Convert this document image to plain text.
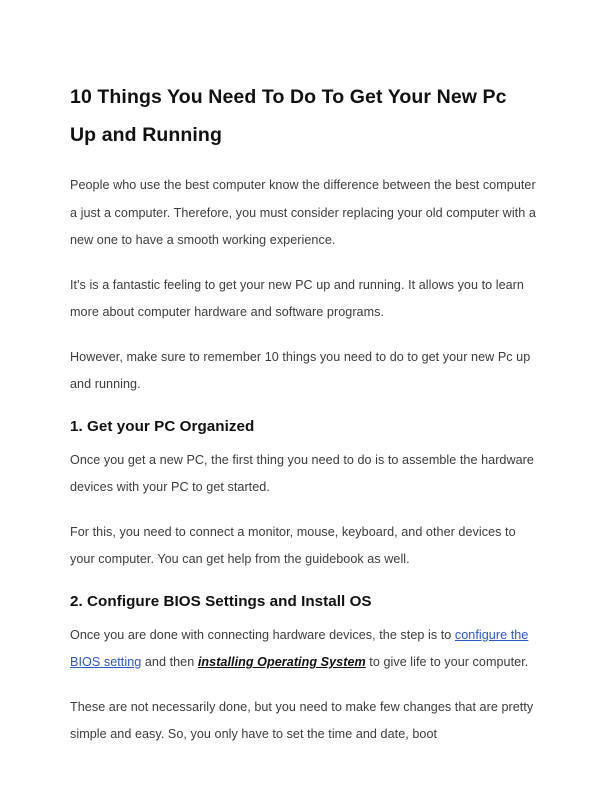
10 Things You Need To Do To Get Your New Pc Up and Running

People who use the best computer know the difference between the best computer a just a computer. Therefore, you must consider replacing your old computer with a new one to have a smooth working experience.

It's is a fantastic feeling to get your new PC up and running. It allows you to learn more about computer hardware and software programs.

However, make sure to remember 10 things you need to do to get your new Pc up and running.

1. Get your PC Organized

Once you get a new PC, the first thing you need to do is to assemble the hardware devices with your PC to get started.

For this, you need to connect a monitor, mouse, keyboard, and other devices to your computer. You can get help from the guidebook as well.

2. Configure BIOS Settings and Install OS

Once you are done with connecting hardware devices, the step is to configure the BIOS setting and then installing Operating System to give life to your computer.

These are not necessarily done, but you need to make few changes that are pretty simple and easy. So, you only have to set the time and date, boot
